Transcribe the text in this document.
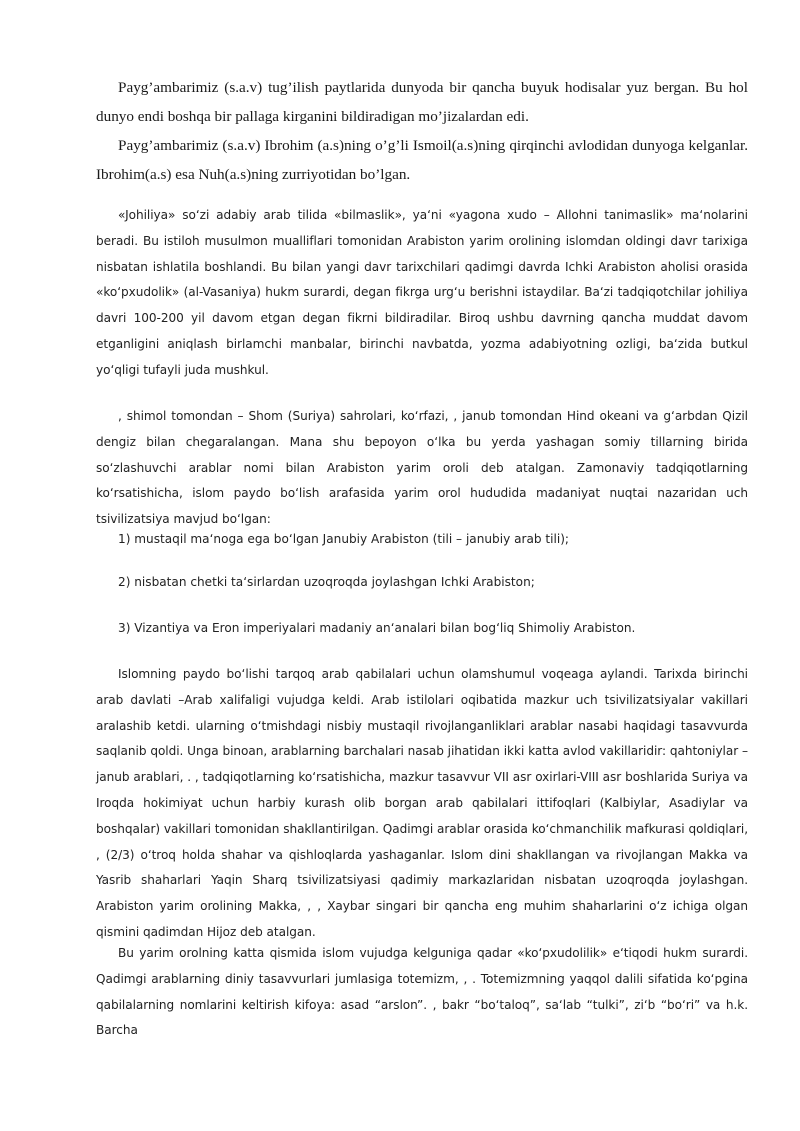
Payg’ambarimiz (s.a.v) tug’ilish paytlarida dunyoda bir qancha buyuk hodisalar yuz bergan. Bu hol dunyo endi boshqa bir pallaga kirganini bildiradigan mo’jizalardan edi.

Payg’ambarimiz (s.a.v) Ibrohim (a.s)ning o’g’li Ismoil(a.s)ning qirqinchi avlodidan dunyoga kelganlar. Ibrohim(a.s) esa Nuh(a.s)ning zurriyotidan bo’lgan.

«Johiliya» so‘zi adabiy arab tilida «bilmaslik», ya‘ni «yagona xudo – Allohni tanimaslik» ma‘nolarini beradi. Bu istiloh musulmon mualliflari tomonidan Arabiston yarim orolining islomdan oldingi davr tarixiga nisbatan ishlatila boshlandi. Bu bilan yangi davr tarixchilari qadimgi davrda Ichki Arabiston aholisi orasida «ko‘pxudolik» (al-Vasaniya) hukm surardi, degan fikrga urg‘u berishni istaydilar. Ba‘zi tadqiqotchilar johiliya davri 100-200 yil davom etgan degan fikrni bildiradilar. Biroq ushbu davrning qancha muddat davom etganligini aniqlash birlamchi manbalar, birinchi navbatda, yozma adabiyotning ozligi, ba‘zida butkul yo‘qligi tufayli juda mushkul.

, shimol tomondan – Shom (Suriya) sahrolari, ko‘rfazi, , janub tomondan Hind okeani va g‘arbdan Qizil dengiz bilan chegaralangan. Mana shu bepoyon o‘lka bu yerda yashagan somiy tillarning birida so‘zlashuvchi arablar nomi bilan Arabiston yarim oroli deb atalgan. Zamonaviy tadqiqotlarning ko‘rsatishicha, islom paydo bo‘lish arafasida yarim orol hududida madaniyat nuqtai nazaridan uch tsivilizatsiya mavjud bo‘lgan:

1) mustaqil ma‘noga ega bo‘lgan Janubiy Arabiston (tili – janubiy arab tili);

2) nisbatan chetki ta‘sirlardan uzoqroqda joylashgan Ichki Arabiston;

3) Vizantiya va Eron imperiyalari madaniy an‘analari bilan bog‘liq Shimoliy Arabiston.

Islomning paydo bo‘lishi tarqoq arab qabilalari uchun olamshumul voqeaga aylandi. Tarixda birinchi arab davlati –Arab xalifaligi vujudga keldi. Arab istilolari oqibatida mazkur uch tsivilizatsiyalar vakillari aralashib ketdi. ularning o‘tmishdagi nisbiy mustaqil rivojlanganliklari arablar nasabi haqidagi tasavvurda saqlanib qoldi. Unga binoan, arablarning barchalari nasab jihatidan ikki katta avlod vakillaridir: qahtoniylar – janub arablari, . , tadqiqotlarning ko‘rsatishicha, mazkur tasavvur VII asr oxirlari-VIII asr boshlarida Suriya va Iroqda hokimiyat uchun harbiy kurash olib borgan arab qabilalari ittifoqlari (Kalbiylar, Asadiylar va boshqalar) vakillari tomonidan shakllantirilgan. Qadimgi arablar orasida ko‘chmanchilik mafkurasi qoldiqlari, , (2/3) o‘troq holda shahar va qishloqlarda yashaganlar. Islom dini shakllangan va rivojlangan Makka va Yasrib shaharlari Yaqin Sharq tsivilizatsiyasi qadimiy markazlaridan nisbatan uzoqroqda joylashgan. Arabiston yarim orolining Makka, , , Xaybar singari bir qancha eng muhim shaharlarini o‘z ichiga olgan qismini qadimdan Hijoz deb atalgan.

Bu yarim orolning katta qismida islom vujudga kelguniga qadar «ko‘pxudolilik» e‘tiqodi hukm surardi. Qadimgi arablarning diniy tasavvurlari jumlasiga totemizm, , . Totemizmning yaqqol dalili sifatida ko‘pgina qabilalarning nomlarini keltirish kifoya: asad “arslon”. , bakr “bo‘taloq”, sa‘lab “tulki”, zi‘b “bo‘ri” va h.k. Barcha
